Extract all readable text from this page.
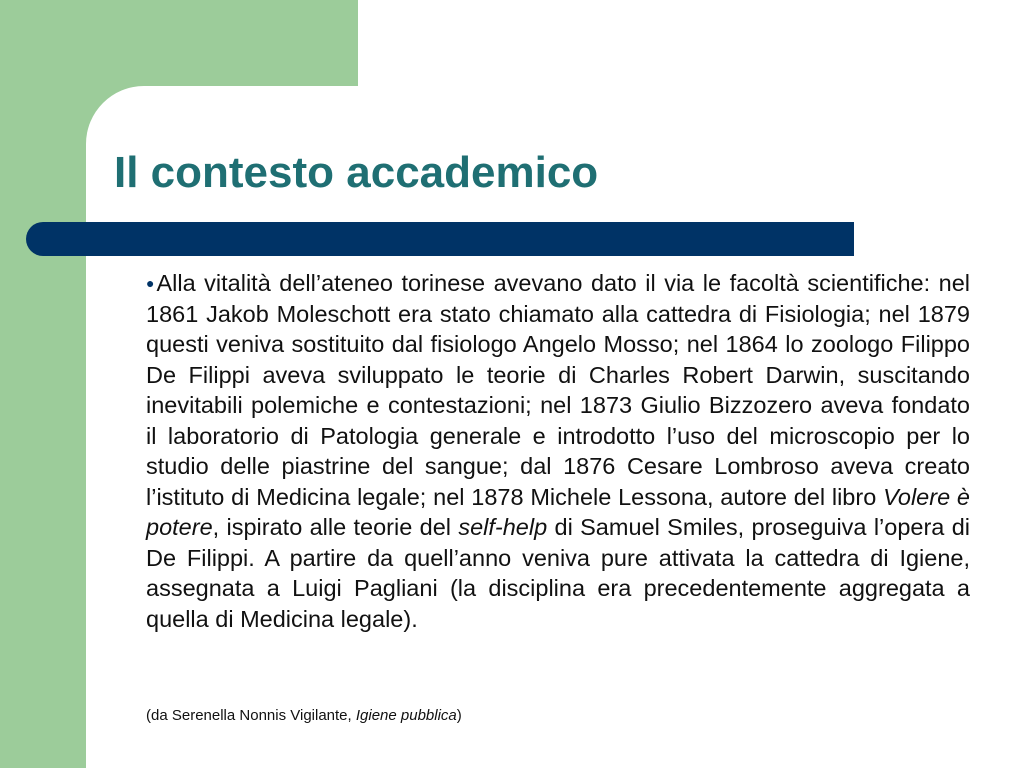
Il contesto accademico

●Alla vitalità dell’ateneo torinese avevano dato il via le facoltà scientifiche: nel 1861 Jakob Moleschott era stato chiamato alla cattedra di Fisiologia; nel 1879 questi veniva sostituito dal fisiologo Angelo Mosso; nel 1864 lo zoologo Filippo De Filippi aveva sviluppato le teorie di Charles Robert Darwin, suscitando inevitabili polemiche e contestazioni; nel 1873 Giulio Bizzozero aveva fondato il laboratorio di Patologia generale e introdotto l’uso del microscopio per lo studio delle piastrine del sangue; dal 1876 Cesare Lombroso aveva creato l’istituto di Medicina legale; nel 1878 Michele Lessona, autore del libro Volere è potere, ispirato alle teorie del self-help di Samuel Smiles, proseguiva l’opera di De Filippi. A partire da quell’anno veniva pure attivata la cattedra di Igiene, assegnata a Luigi Pagliani (la disciplina era precedentemente aggregata a quella di Medicina legale).

(da Serenella Nonnis Vigilante, Igiene pubblica)
